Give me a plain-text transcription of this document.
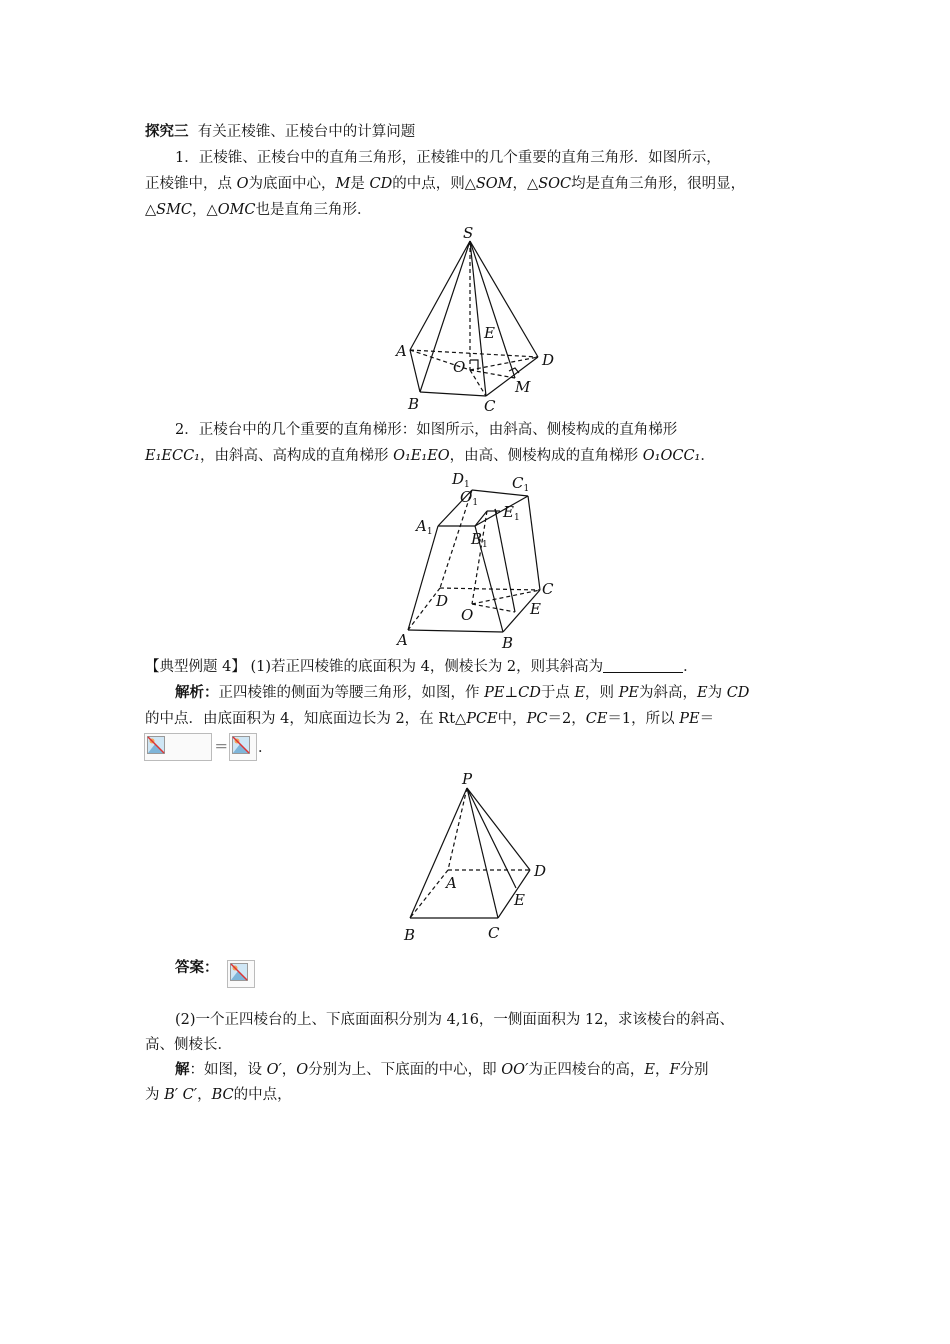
探究三 有关正棱锥、正棱台中的计算问题
1．正棱锥、正棱台中的直角三角形，正棱锥中的几个重要的直角三角形．如图所示，
正棱锥中，点 O为底面中心，M是 CD的中点，则△SOM，△SOC均是直角三角形，很明显，
△SMC，△OMC也是直角三角形．
S
A
B	C
D
E
O
M
2．正棱台中的几个重要的直角梯形：如图所示，由斜高、侧棱构成的直角梯形
E₁ECC₁，由斜高、高构成的直角梯形 O₁E₁EO，由高、侧棱构成的直角梯形 O₁OCC₁．
$D_1$	$C_1$
$O_1$ $E_1$
$A_1$	$B_1$
C
D	E
O
A	B
【典型例题 4】 (1)若正四棱锥的底面积为 4，侧棱长为 2，则其斜高为	．
解析：正四棱锥的侧面为等腰三角形，如图，作 PE⊥CD于点 E，则 PE为斜高，E为 CD
的中点．由底面积为 4，知底面边长为 2，在 Rt△PCE中，PC＝2，CE＝1，所以 PE＝
＝ ．
P
A
B	C
D
E
答案：
(2)一个正四棱台的上、下底面面积分别为 4,16，一侧面面积为 12，求该棱台的斜高、
高、侧棱长．
解：如图，设 O′，O分别为上、下底面的中心，即 OO′为正四棱台的高，E，F分别
为 B′ C′，BC的中点，
